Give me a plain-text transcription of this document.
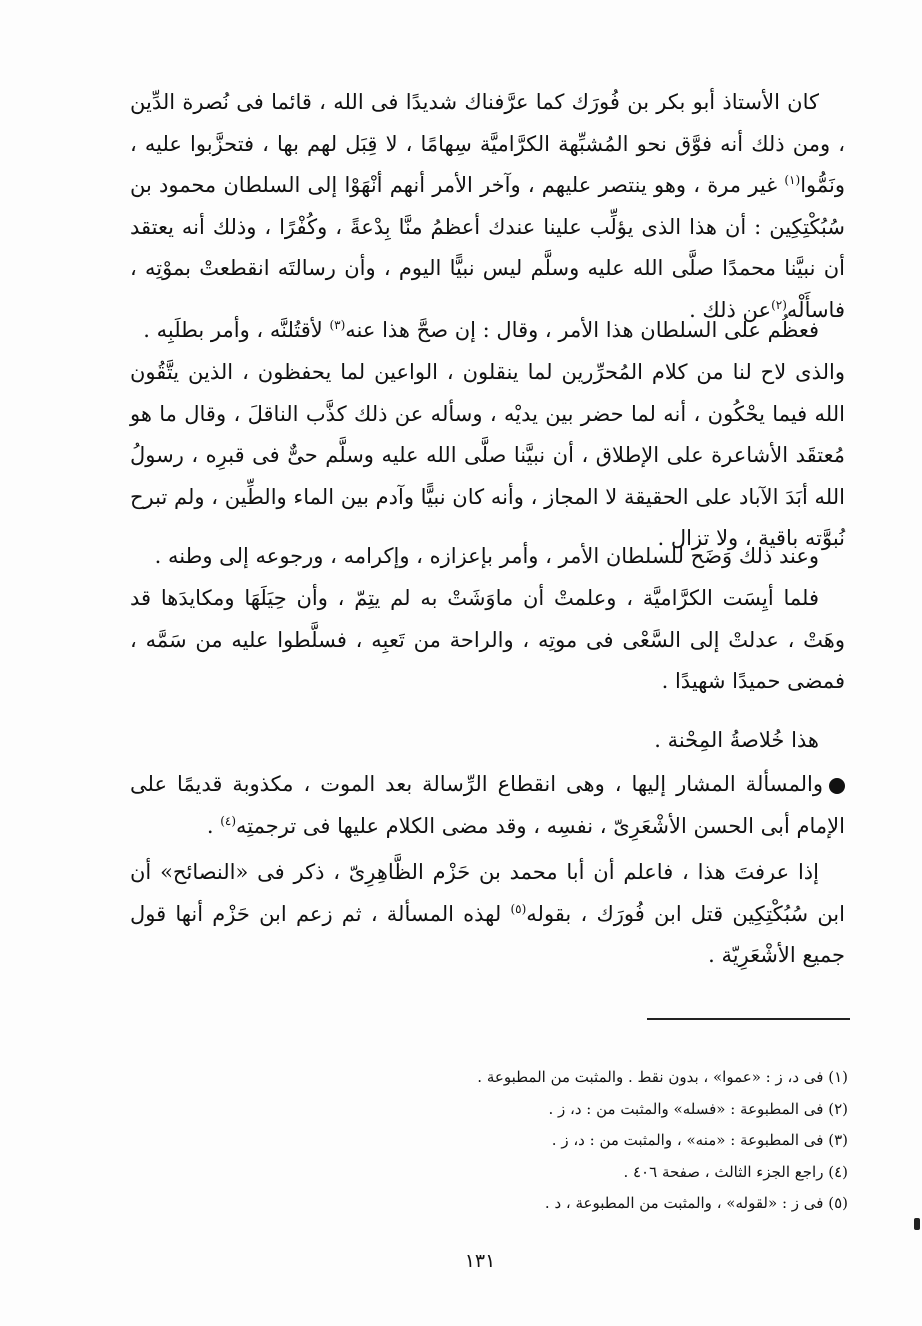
كان الأستاذ أبو بكر بن فُورَك كما عرَّفناك شديدًا فى الله ، قائما فى نُصرة الدِّين ، ومن ذلك أنه فوَّق نحو المُشبِّهة الكرَّاميَّة سِهامًا ، لا قِبَل لهم بها ، فتحزَّبوا عليه ، ونَمُّوا$^{(١)}$ غير مرة ، وهو ينتصر عليهم ، وآخر الأمر أنهم أنْهَوْا إلى السلطان محمود بن سُبُكْتِكِين : أن هذا الذى يؤلِّب علينا عندك أعظمُ منَّا بِدْعةً ، وكُفْرًا ، وذلك أنه يعتقد أن نبيَّنا محمدًا صلَّى الله عليه وسلَّم ليس نبيًّا اليوم ، وأن رسالتَه انقطعتْ بموْتِه ، فاسأَلْه$^{(٢)}$عن ذلك .

فعظُم على السلطان هذا الأمر ، وقال : إن صحَّ هذا عنه$^{(٣)}$ لأقتُلنَّه ، وأمر بطلَبِه .

والذى لاح لنا من كلام المُحرِّرين لما ينقلون ، الواعين لما يحفظون ، الذين يتَّقُون الله فيما يحْكُون ، أنه لما حضر بين يديْه ، وسأله عن ذلك كذَّب الناقلَ ، وقال ما هو مُعتقَد الأشاعرة على الإطلاق ، أن نبيَّنا صلَّى الله عليه وسلَّم حىٌّ فى قبرِه ، رسولُ الله أبَدَ الآباد على الحقيقة لا المجاز ، وأنه كان نبيًّا وآدم بين الماء والطِّين ، ولم تبرح نُبوَّته باقية ، ولا تزال .

وعند ذلك وَضَح للسلطان الأمر ، وأمر بإعزازه ، وإكرامه ، ورجوعه إلى وطنه .

فلما أيِسَت الكرَّاميَّة ، وعلمتْ أن ماوَشَتْ به لم يتِمّ ، وأن حِيَلَهَا ومكايدَها قد وهَتْ ، عدلتْ إلى السَّعْى فى موتِه ، والراحة من تَعبِه ، فسلَّطوا عليه من سَمَّه ، فمضى حميدًا شهيدًا .

هذا خُلاصةُ المِحْنة .

والمسألة المشار إليها ، وهى انقطاع الرِّسالة بعد الموت ، مكذوبة قديمًا على الإمام أبى الحسن الأشْعَرِىّ ، نفسِه ، وقد مضى الكلام عليها فى ترجمتِه$^{(٤)}$ .

إذا عرفتَ هذا ، فاعلم أن أبا محمد بن حَزْم الظَّاهِرِىّ ، ذكر فى «النصائح» أن ابن سُبُكْتِكِين قتل ابن فُورَك ، بقوله$^{(٥)}$ لهذه المسألة ، ثم زعم ابن حَزْم أنها قول جميع الأشْعَرِيّة .

(١) فى د، ز : «عموا» ، بدون نقط . والمثبت من المطبوعة .
(٢) فى المطبوعة : «فسله» والمثبت من : د، ز .
(٣) فى المطبوعة : «منه» ، والمثبت من : د، ز .
(٤) راجع الجزء الثالث ، صفحة ٤٠٦ .
(٥) فى ز : «لقوله» ، والمثبت من المطبوعة ، د .
١٣١
